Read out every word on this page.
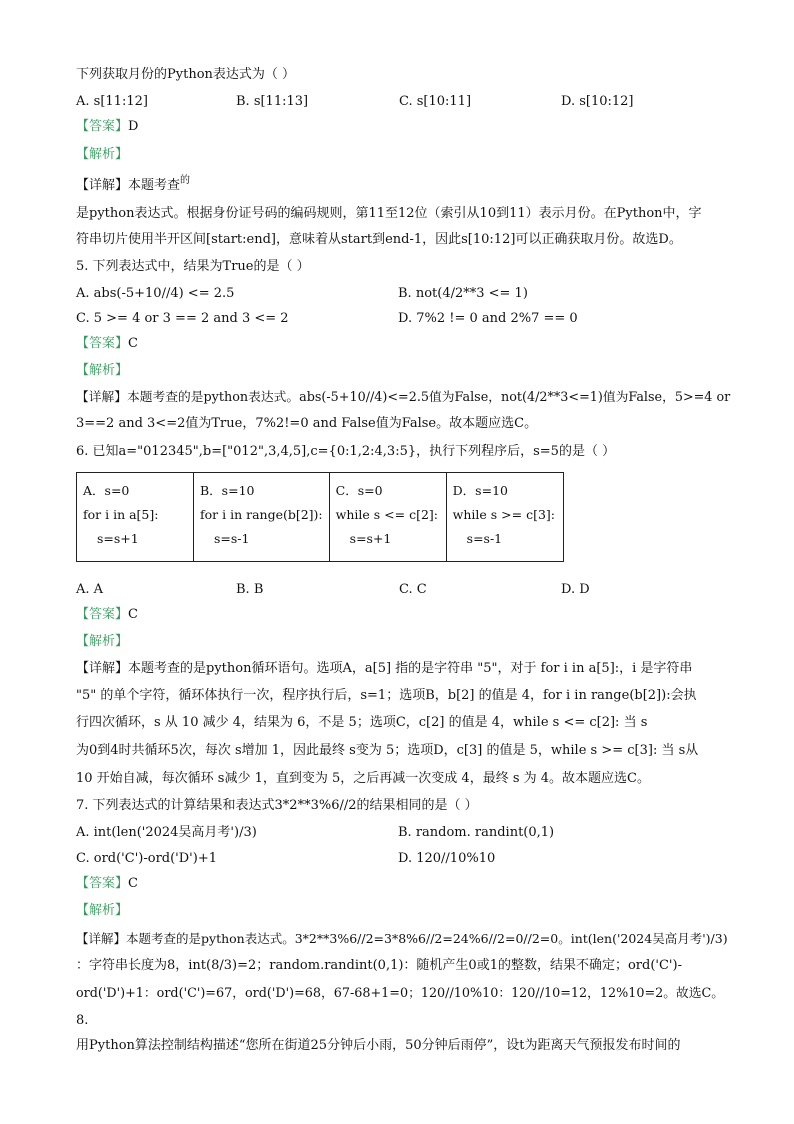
下列获取月份的Python表达式为（ ）
A. s[11:12]	B. s[11:13]	C. s[10:11]	D. s[10:12]
【答案】D
【解析】
【详解】本题考查$^的$
是python表达式。根据身份证号码的编码规则，第11至12位（索引从10到11）表示月份。在Python中，字
符串切片使用半开区间[start:end]，意味着从start到end-1，因此s[10:12]可以正确获取月份。故选D。
5. 下列表达式中，结果为True的是（ ）
A. abs(-5+10//4) <= 2.5	B. not(4/2**3 <= 1)
C. 5 >= 4 or 3 == 2 and 3 <= 2	D. 7%2 != 0 and 2%7 == 0
【答案】C
【解析】
【详解】本题考查的是python表达式。abs(-5+10//4)<=2.5值为False，not(4/2**3<=1)值为False，5>=4 or
3==2 and 3<=2值为True，7%2!=0 and False值为False。故本题应选C。
6. 已知a="012345",b=["012",3,4,5],c={0:1,2:4,3:5}，执行下列程序后，s=5的是（ ）
A．s=0
for i in a[5]:
s=s+1

B．s=10
for i in range(b[2]):
s=s-1

C．s=0
while s <= c[2]:
s=s+1

D．s=10
while s >= c[3]:
s=s-1
A. A	B. B	C. C	D. D
【答案】C
【解析】
【详解】本题考查的是python循环语句。选项A，a[5] 指的是字符串 "5"，对于 for i in a[5]:，i 是字符串
"5" 的单个字符，循环体执行一次，程序执行后，s=1；选项B，b[2] 的值是 4，for i in range(b[2]):会执
行四次循环，s 从 10 减少 4，结果为 6，不是 5；选项C，c[2] 的值是 4，while s <= c[2]: 当 s
为0到4时共循环5次，每次 s增加 1，因此最终 s变为 5；选项D，c[3] 的值是 5，while s >= c[3]: 当 s从
10 开始自减，每次循环 s减少 1，直到变为 5，之后再减一次变成 4，最终 s 为 4。故本题应选C。
7. 下列表达式的计算结果和表达式3*2**3%6//2的结果相同的是（ ）
A. int(len('2024吴高月考')/3)	B. random. randint(0,1)
C. ord('C')-ord('D')+1	D. 120//10%10
【答案】C
【解析】
【详解】本题考查的是python表达式。3*2**3%6//2=3*8%6//2=24%6//2=0//2=0。int(len('2024吴高月考')/3)
：字符串长度为8，int(8/3)=2；random.randint(0,1)：随机产生0或1的整数，结果不确定；ord('C')-
ord('D')+1：ord('C')=67，ord('D')=68，67-68+1=0；120//10%10：120//10=12，12%10=2。故选C。
8.
用Python算法控制结构描述“您所在街道25分钟后小雨，50分钟后雨停”，设t为距离天气预报发布时间的
